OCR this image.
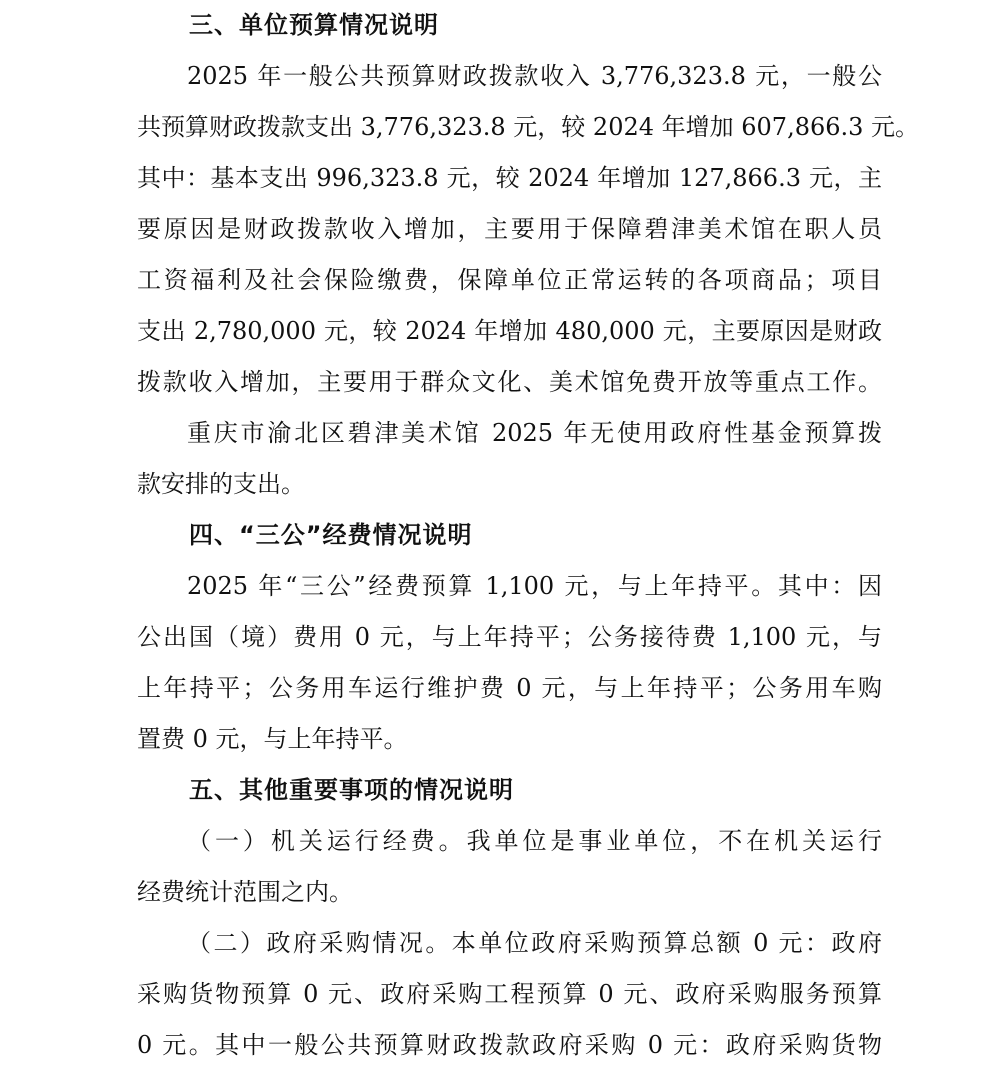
三、单位预算情况说明
2025 年一般公共预算财政拨款收入 3,776,323.8 元，一般公
共预算财政拨款支出 3,776,323.8 元，较 2024 年增加 607,866.3 元。
其中：基本支出 996,323.8 元，较 2024 年增加 127,866.3 元，主
要原因是财政拨款收入增加，主要用于保障碧津美术馆在职人员
工资福利及社会保险缴费，保障单位正常运转的各项商品；项目
支出 2,780,000 元，较 2024 年增加 480,000 元，主要原因是财政
拨款收入增加，主要用于群众文化、美术馆免费开放等重点工作。
重庆市渝北区碧津美术馆 2025 年无使用政府性基金预算拨
款安排的支出。
四、“三公”经费情况说明
2025 年“三公”经费预算 1,100 元，与上年持平。其中：因
公出国（境）费用 0 元，与上年持平；公务接待费 1,100 元，与
上年持平；公务用车运行维护费 0 元，与上年持平；公务用车购
置费 0 元，与上年持平。
五、其他重要事项的情况说明
（一）机关运行经费。我单位是事业单位，不在机关运行
经费统计范围之内。
（二）政府采购情况。本单位政府采购预算总额 0 元：政府
采购货物预算 0 元、政府采购工程预算 0 元、政府采购服务预算
0 元。其中一般公共预算财政拨款政府采购 0 元：政府采购货物
